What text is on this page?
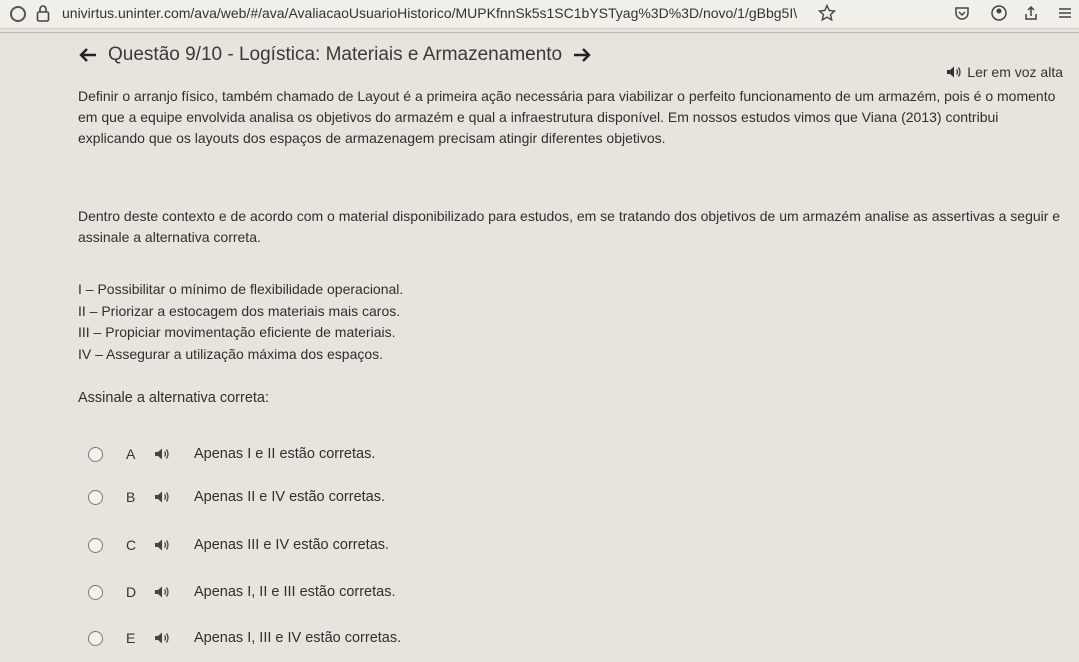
univirtus.uninter.com/ava/web/#/ava/AvaliacaoUsuarioHistorico/MUPKfnnSk5s1SC1bYSTyag%3D%3D/novo/1/gBbg5I\
Questão 9/10 - Logística: Materiais e Armazenamento
Ler em voz alta

Definir o arranjo físico, também chamado de Layout é a primeira ação necessária para viabilizar o perfeito funcionamento de um armazém, pois é o momento em que a equipe envolvida analisa os objetivos do armazém e qual a infraestrutura disponível. Em nossos estudos vimos que Viana (2013) contribui explicando que os layouts dos espaços de armazenagem precisam atingir diferentes objetivos.

Dentro deste contexto e de acordo com o material disponibilizado para estudos, em se tratando dos objetivos de um armazém analise as assertivas a seguir e assinale a alternativa correta.

I – Possibilitar o mínimo de flexibilidade operacional.
II – Priorizar a estocagem dos materiais mais caros.
III – Propiciar movimentação eficiente de materiais.
IV – Assegurar a utilização máxima dos espaços.
Assinale a alternativa correta:
A	Apenas I e II estão corretas.
B	Apenas II e IV estão corretas.
C	Apenas III e IV estão corretas.
D	Apenas I, II e III estão corretas.
E	Apenas I, III e IV estão corretas.
